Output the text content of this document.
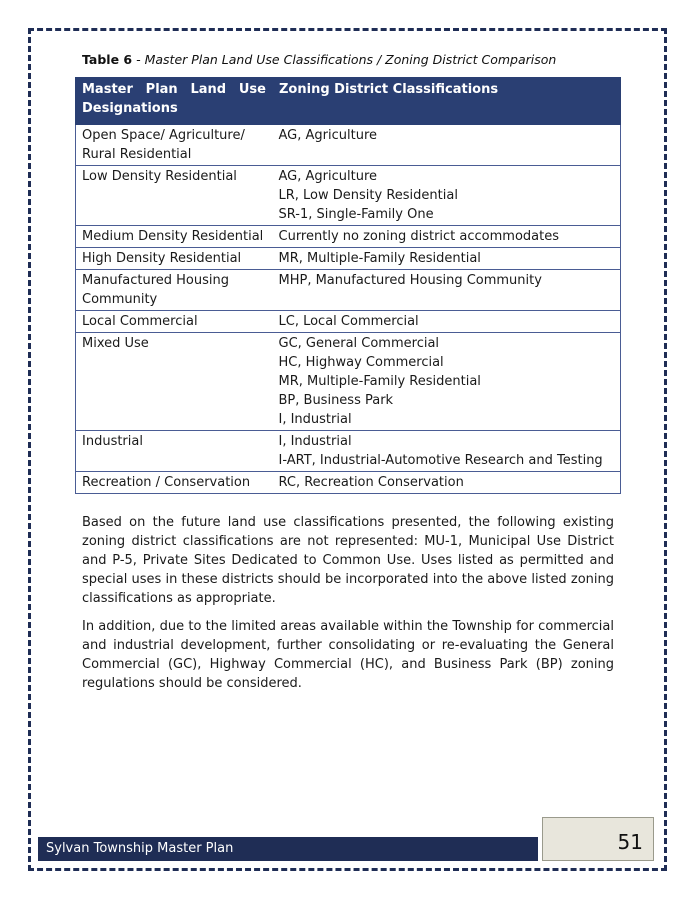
Table 6 - Master Plan Land Use Classifications / Zoning District Comparison
Master Plan Land Use Designations	Zoning District Classifications
Open Space/ Agriculture/ Rural Residential	AG, Agriculture

Low Density Residential	AG, Agriculture
LR, Low Density Residential
SR-1, Single-Family One

Medium Density Residential	Currently no zoning district accommodates

High Density Residential	MR, Multiple-Family Residential

Manufactured Housing Community	MHP, Manufactured Housing Community

Local Commercial	LC, Local Commercial

Mixed Use	GC, General Commercial
HC, Highway Commercial
MR, Multiple-Family Residential
BP, Business Park
I, Industrial

Industrial	I, Industrial
I-ART, Industrial-Automotive Research and Testing

Recreation / Conservation	RC, Recreation Conservation

Based on the future land use classifications presented, the following existing zoning district classifications are not represented: MU-1, Municipal Use District and P-5, Private Sites Dedicated to Common Use. Uses listed as permitted and special uses in these districts should be incorporated into the above listed zoning classifications as appropriate.

In addition, due to the limited areas available within the Township for commercial and industrial development, further consolidating or re-evaluating the General Commercial (GC), Highway Commercial (HC), and Business Park (BP) zoning regulations should be considered.

Sylvan Township Master Plan	51
